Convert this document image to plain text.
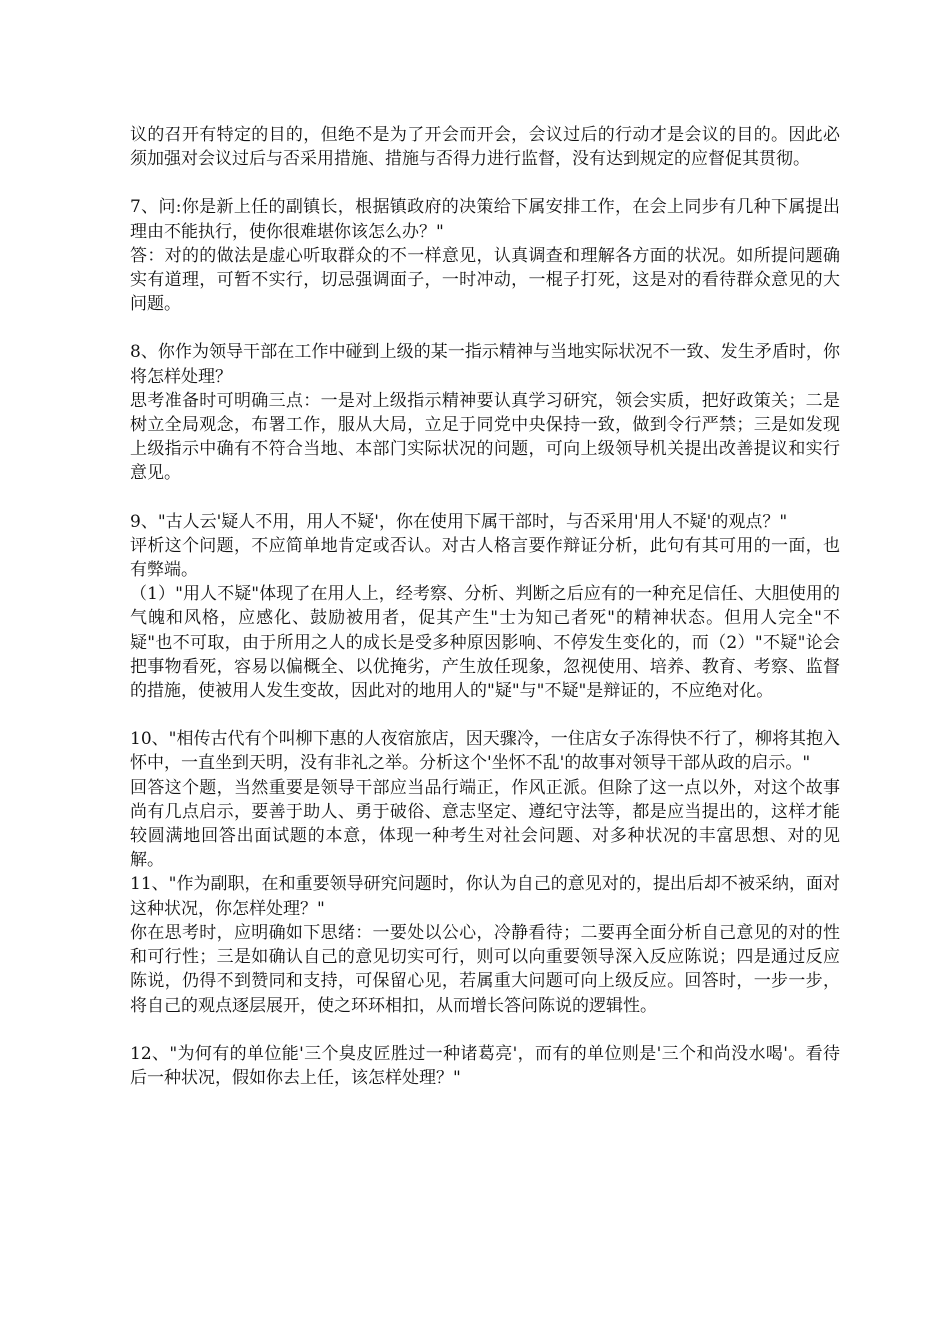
议的召开有特定的目的，但绝不是为了开会而开会，会议过后的行动才是会议的目的。因此必须加强对会议过后与否采用措施、措施与否得力进行监督，没有达到规定的应督促其贯彻。

7、问:你是新上任的副镇长，根据镇政府的决策给下属安排工作，在会上同步有几种下属提出理由不能执行，使你很难堪你该怎么办？"

答：对的的做法是虚心听取群众的不一样意见，认真调查和理解各方面的状况。如所提问题确实有道理，可暂不实行，切忌强调面子，一时冲动，一棍子打死，这是对的看待群众意见的大问题。

8、你作为领导干部在工作中碰到上级的某一指示精神与当地实际状况不一致、发生矛盾时，你将怎样处理？

思考准备时可明确三点：一是对上级指示精神要认真学习研究，领会实质，把好政策关；二是树立全局观念，布署工作，服从大局，立足于同党中央保持一致，做到令行严禁；三是如发现上级指示中确有不符合当地、本部门实际状况的问题，可向上级领导机关提出改善提议和实行意见。

9、"古人云'疑人不用，用人不疑'，你在使用下属干部时，与否采用'用人不疑'的观点？"

评析这个问题，不应简单地肯定或否认。对古人格言要作辩证分析，此句有其可用的一面，也有弊端。

（1）"用人不疑"体现了在用人上，经考察、分析、判断之后应有的一种充足信任、大胆使用的气魄和风格，应感化、鼓励被用者，促其产生"士为知己者死"的精神状态。但用人完全"不疑"也不可取，由于所用之人的成长是受多种原因影响、不停发生变化的，而（2）"不疑"论会把事物看死，容易以偏概全、以优掩劣，产生放任现象，忽视使用、培养、教育、考察、监督的措施，使被用人发生变故，因此对的地用人的"疑"与"不疑"是辩证的，不应绝对化。

10、"相传古代有个叫柳下惠的人夜宿旅店，因天骤冷，一住店女子冻得快不行了，柳将其抱入怀中，一直坐到天明，没有非礼之举。分析这个'坐怀不乱'的故事对领导干部从政的启示。"

回答这个题，当然重要是领导干部应当品行端正，作风正派。但除了这一点以外，对这个故事尚有几点启示，要善于助人、勇于破俗、意志坚定、遵纪守法等，都是应当提出的，这样才能较圆满地回答出面试题的本意，体现一种考生对社会问题、对多种状况的丰富思想、对的见解。

11、"作为副职，在和重要领导研究问题时，你认为自己的意见对的，提出后却不被采纳，面对这种状况，你怎样处理？"

你在思考时，应明确如下思绪：一要处以公心，冷静看待；二要再全面分析自己意见的对的性和可行性；三是如确认自己的意见切实可行，则可以向重要领导深入反应陈说；四是通过反应陈说，仍得不到赞同和支持，可保留心见，若属重大问题可向上级反应。回答时，一步一步，将自己的观点逐层展开，使之环环相扣，从而增长答问陈说的逻辑性。

12、"为何有的单位能'三个臭皮匠胜过一种诸葛亮'，而有的单位则是'三个和尚没水喝'。看待后一种状况，假如你去上任，该怎样处理？"
